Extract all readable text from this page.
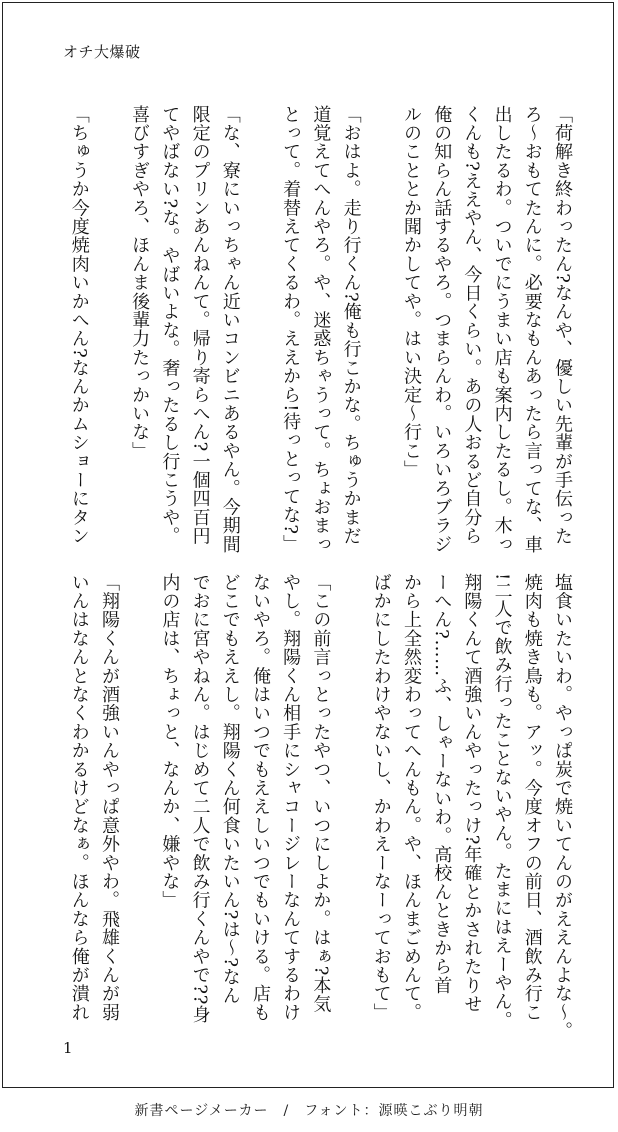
オチ大爆破
「荷解き終わったん?なんや、優しい先輩が手伝った
ろ〜おもてたんに。必要なもんあったら言ってな、車
出したるわ。ついでにうまい店も案内したるし。木っ
くんも?ええやん、今日くらい。あの人おるど自分ら
俺の知らん話するやろ。つまらんわ。いろいろブラジ
ルのこととか聞かしてや。はい決定〜行こ」

「おはよ。走り行くん?俺も行こかな。ちゅうかまだ
道覚えてへんやろ。や、迷惑ちゃうって。ちょおまっ
とって。着替えてくるわ。ええから!待っとってな?」

「な、寮にいっちゃん近いコンビニあるやん。今期間
限定のプリンあんねんて。帰り寄らへん?一個四百円
てやばない?な。やばいよな。奢ったるし行こうや。
喜びすぎやろ、ほんま後輩力たっかいな」

「ちゅうか今度焼肉いかへん?なんかムショーにタン
塩食いたいわ。やっぱ炭で焼いてんのがええんよな〜。
焼肉も焼き鳥も。アッ。今度オフの前日、酒飲み行こ
!二人で飲み行ったことないやん。たまにはえーやん。
翔陽くんて酒強いんやったっけ?年確とかされたりせ
ーへん?……ふ、しゃーないわ。高校んときから首
から上全然変わってへんもん。や、ほんまごめんて。
ばかにしたわけやないし、かわえーなーっておもて」

「この前言っとったやつ、いつにしよか。はぁ?本気
やし。翔陽くん相手にシャコージレーなんてするわけ
ないやろ。俺はいつでもええしいつでもいける。店も
どこでもええし。翔陽くん何食いたいん?は〜?なん
でおに宮やねん。はじめて二人で飲み行くんやで??身
内の店は、ちょっと、なんか、嫌やな」

「翔陽くんが酒強いんやっぱ意外やわ。飛雄くんが弱
いんはなんとなくわかるけどなぁ。ほんなら俺が潰れ
1
新書ページメーカー　/　フォント：源暎こぶり明朝
